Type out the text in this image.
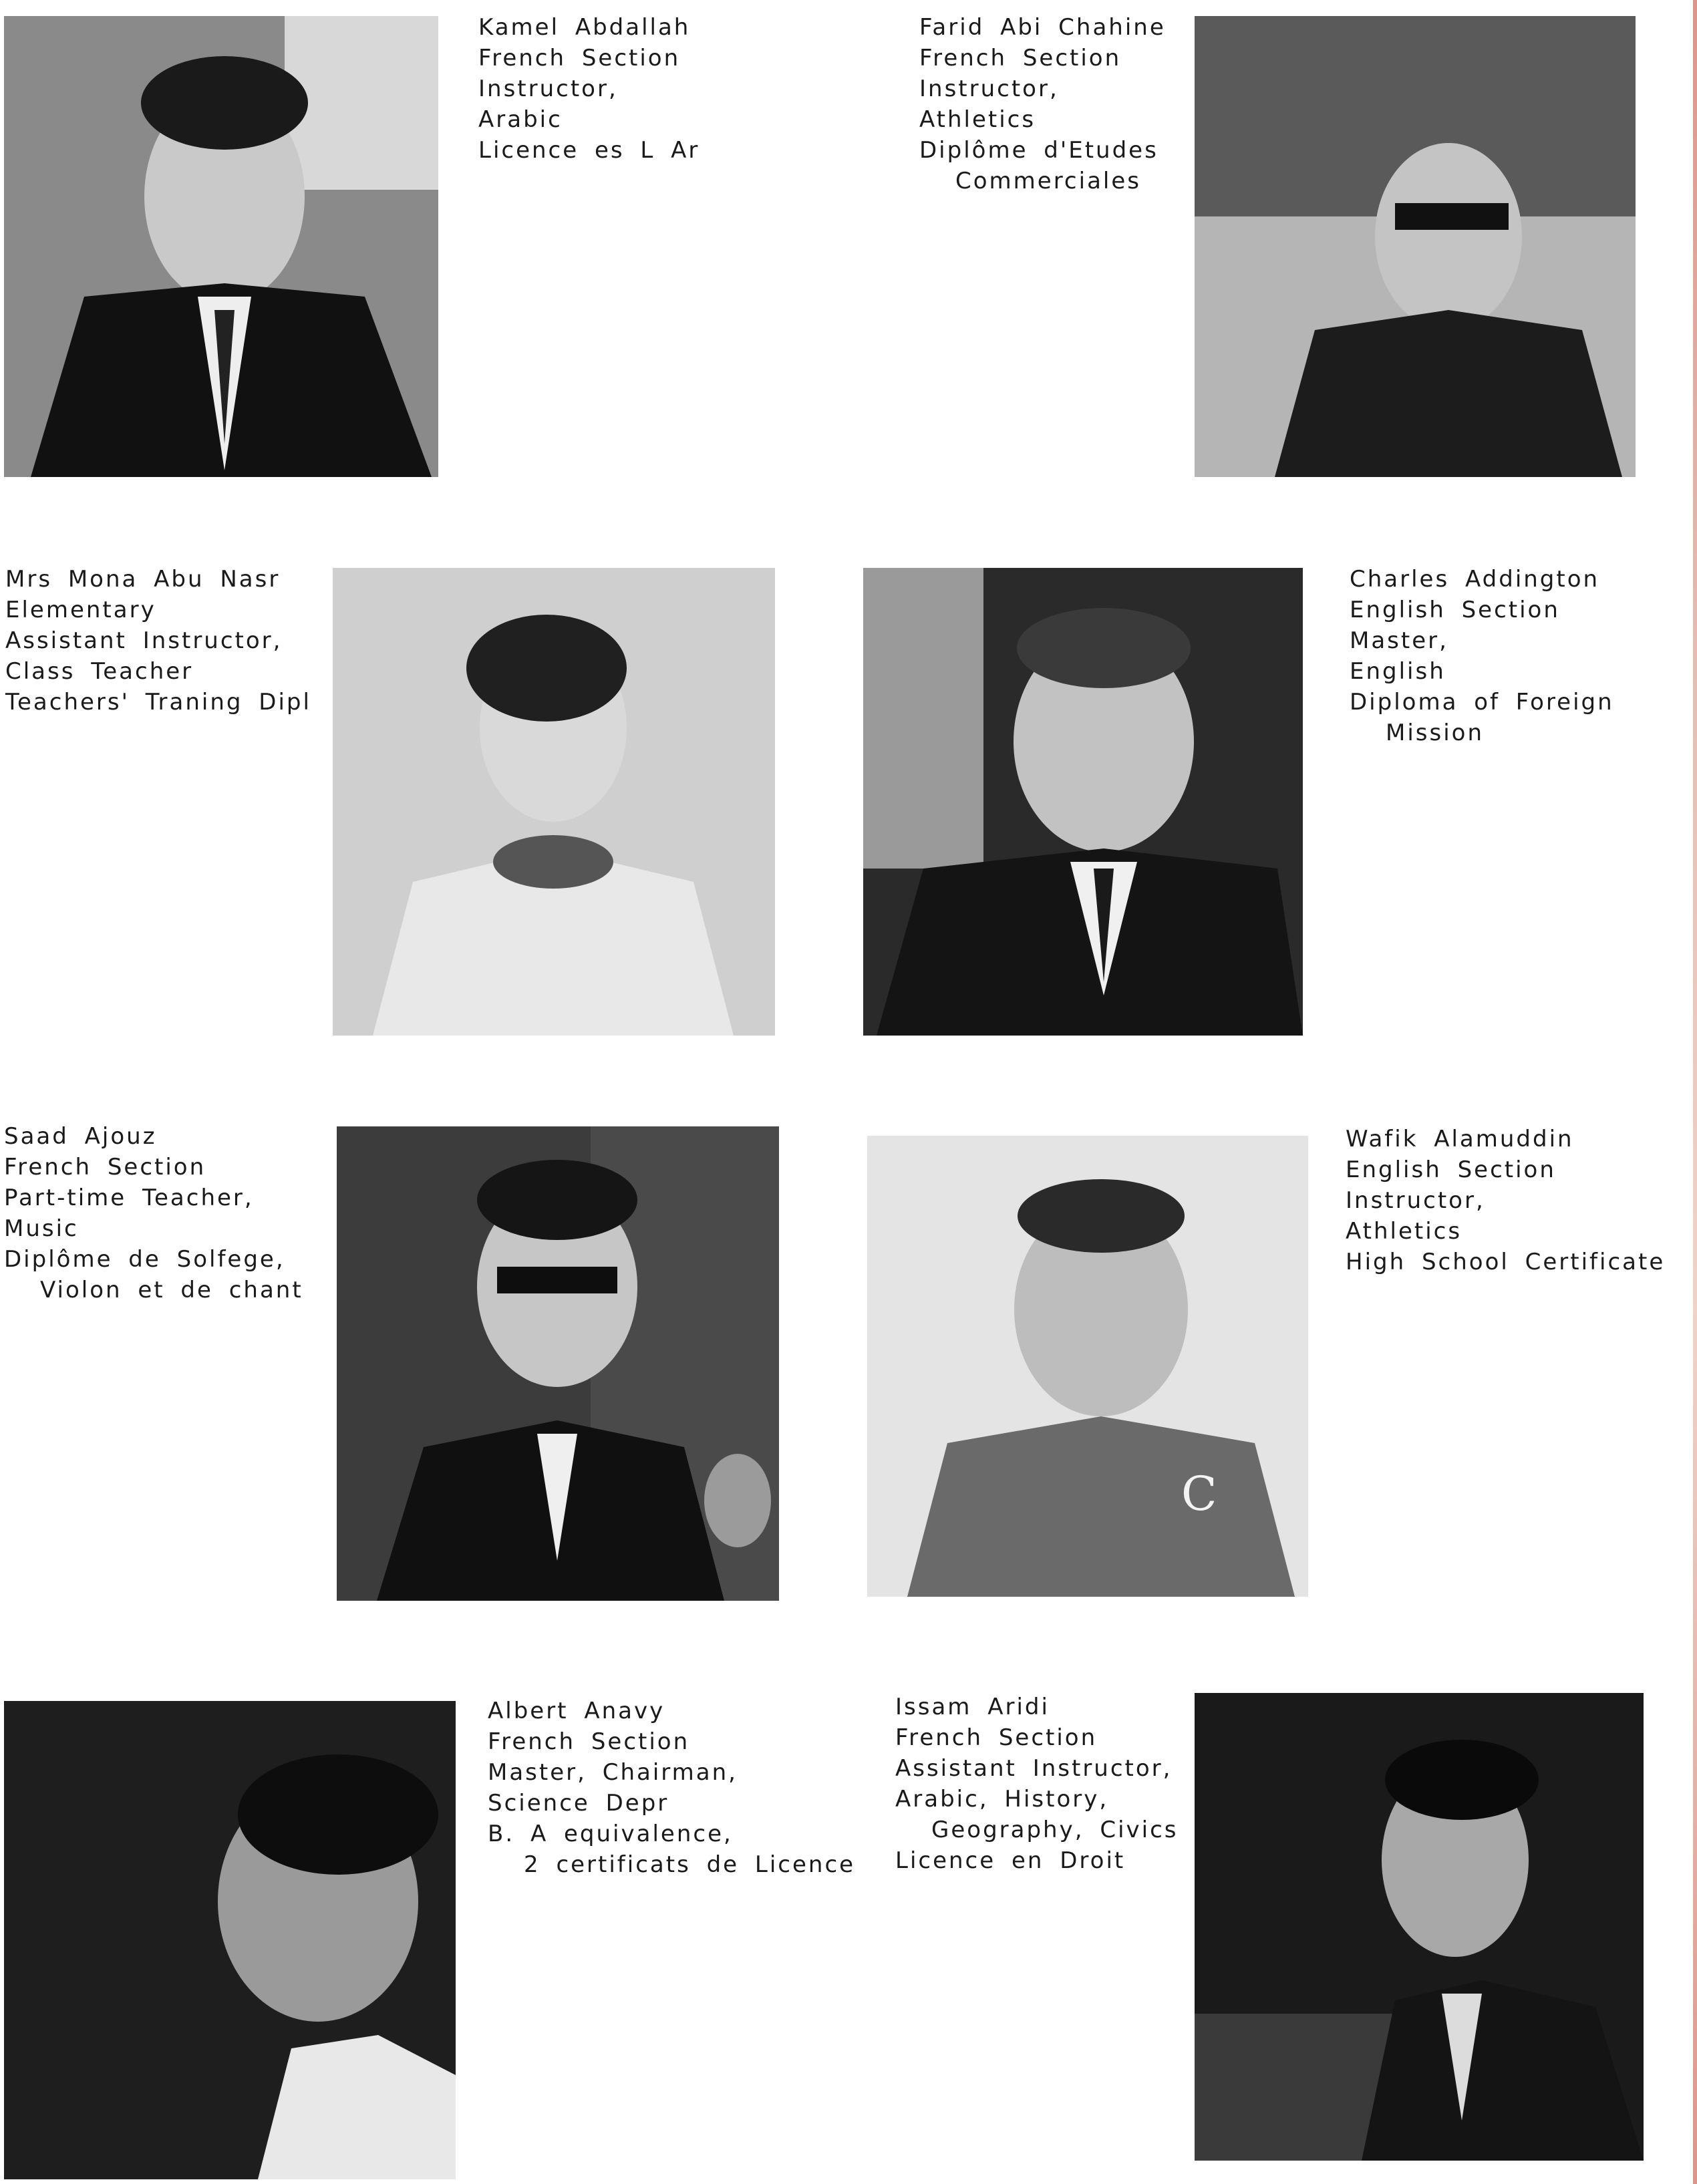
Kamel Abdallah
French Section
Instructor,
Arabic
Licence es L Ar
Farid Abi Chahine
French Section
Instructor,
Athletics
Diplôme d'Etudes
Commerciales
Mrs Mona Abu Nasr
Elementary
Assistant Instructor,
Class Teacher
Teachers' Traning Dipl
Charles Addington
English Section
Master,
English
Diploma of Foreign
Mission
Saad Ajouz
French Section
Part-time Teacher,
Music
Diplôme de Solfege,
Violon et de chant
C
Wafik Alamuddin
English Section
Instructor,
Athletics
High School Certificate
Albert Anavy
French Section
Master, Chairman,
Science Depr
B. A equivalence,
2 certificats de Licence
Issam Aridi
French Section
Assistant Instructor,
Arabic, History,
Geography, Civics
Licence en Droit
